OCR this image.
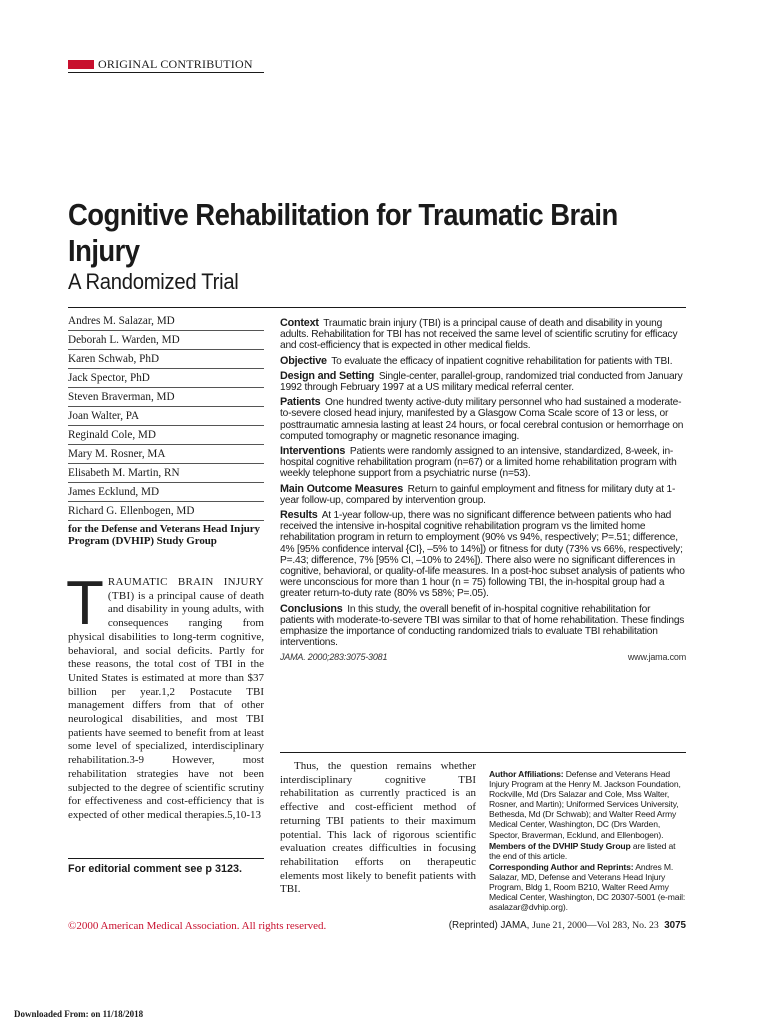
ORIGINAL CONTRIBUTION
Cognitive Rehabilitation for Traumatic Brain Injury
A Randomized Trial
Andres M. Salazar, MD
Deborah L. Warden, MD
Karen Schwab, PhD
Jack Spector, PhD
Steven Braverman, MD
Joan Walter, PA
Reginald Cole, MD
Mary M. Rosner, MA
Elisabeth M. Martin, RN
James Ecklund, MD
Richard G. Ellenbogen, MD
for the Defense and Veterans Head Injury Program (DVHIP) Study Group

Context Traumatic brain injury (TBI) is a principal cause of death and disability in young adults. Rehabilitation for TBI has not received the same level of scientific scrutiny for efficacy and cost-efficiency that is expected in other medical fields.

Objective To evaluate the efficacy of inpatient cognitive rehabilitation for patients with TBI.

Design and Setting Single-center, parallel-group, randomized trial conducted from January 1992 through February 1997 at a US military medical referral center.

Patients One hundred twenty active-duty military personnel who had sustained a moderate-to-severe closed head injury, manifested by a Glasgow Coma Scale score of 13 or less, or posttraumatic amnesia lasting at least 24 hours, or focal cerebral contusion or hemorrhage on computed tomography or magnetic resonance imaging.

Interventions Patients were randomly assigned to an intensive, standardized, 8-week, in-hospital cognitive rehabilitation program (n=67) or a limited home rehabilitation program with weekly telephone support from a psychiatric nurse (n=53).

Main Outcome Measures Return to gainful employment and fitness for military duty at 1-year follow-up, compared by intervention group.

Results At 1-year follow-up, there was no significant difference between patients who had received the intensive in-hospital cognitive rehabilitation program vs the limited home rehabilitation program in return to employment (90% vs 94%, respectively; P=.51; difference, 4% [95% confidence interval {CI}, –5% to 14%]) or fitness for duty (73% vs 66%, respectively; P=.43; difference, 7% [95% CI, –10% to 24%]). There also were no significant differences in cognitive, behavioral, or quality-of-life measures. In a post-hoc subset analysis of patients who were unconscious for more than 1 hour (n = 75) following TBI, the in-hospital group had a greater return-to-duty rate (80% vs 58%; P=.05).

Conclusions In this study, the overall benefit of in-hospital cognitive rehabilitation for patients with moderate-to-severe TBI was similar to that of home rehabilitation. These findings emphasize the importance of conducting randomized trials to evaluate TBI rehabilitation interventions.

JAMA. 2000;283:3075-3081	www.jama.com
TRAUMATIC BRAIN INJURY (TBI) is a principal cause of death and disability in young adults, with consequences ranging from physical disabilities to long-term cognitive, behavioral, and social deficits. Partly for these reasons, the total cost of TBI in the United States is estimated at more than $37 billion per year.1,2 Postacute TBI management differs from that of other neurological disabilities, and most TBI patients have seemed to benefit from at least some level of specialized, interdisciplinary rehabilitation.3-9 However, most rehabilitation strategies have not been subjected to the degree of scientific scrutiny for effectiveness and cost-efficiency that is expected of other medical therapies.5,10-13
For editorial comment see p 3123.
Thus, the question remains whether interdisciplinary cognitive TBI rehabilitation as currently practiced is an effective and cost-efficient method of returning TBI patients to their maximum potential. This lack of rigorous scientific evaluation creates difficulties in focusing rehabilitation efforts on therapeutic elements most likely to benefit patients with TBI.

Author Affiliations: Defense and Veterans Head Injury Program at the Henry M. Jackson Foundation, Rockville, Md (Drs Salazar and Cole, Mss Walter, Rosner, and Martin); Uniformed Services University, Bethesda, Md (Dr Schwab); and Walter Reed Army Medical Center, Washington, DC (Drs Warden, Spector, Braverman, Ecklund, and Ellenbogen).

Members of the DVHIP Study Group are listed at the end of this article.

Corresponding Author and Reprints: Andres M. Salazar, MD, Defense and Veterans Head Injury Program, Bldg 1, Room B210, Walter Reed Army Medical Center, Washington, DC 20307-5001 (e-mail: asalazar@dvhip.org).

©2000 American Medical Association. All rights reserved.	(Reprinted) JAMA, June 21, 2000—Vol 283, No. 23 3075
Downloaded From: on 11/18/2018
